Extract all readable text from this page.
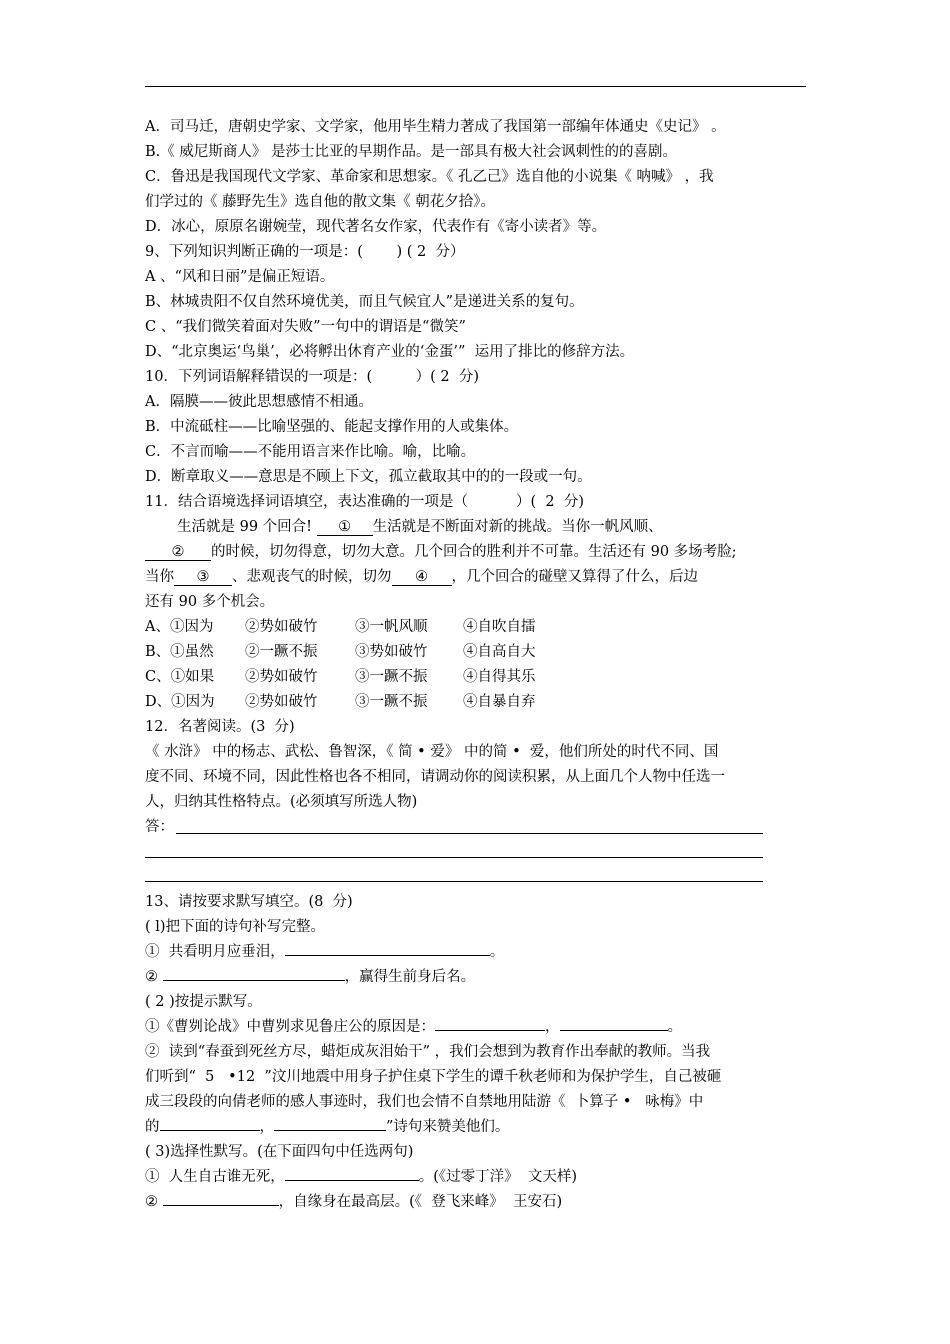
A．司马迁，唐朝史学家、文学家，他用毕生精力著成了我国第一部编年体通史《史记》 。
B.《 威尼斯商人》 是莎士比亚的早期作品。是一部具有极大社会讽刺性的的喜剧。
C．鲁迅是我国现代文学家、革命家和思想家。《 孔乙己》选自他的小说集《 呐喊》 ，我
们学过的《 藤野先生》选自他的散文集《 朝花夕拾》。
D．冰心，原原名谢婉莹，现代著名女作家，代表作有《寄小读者》等。
9、下列知识判断正确的一项是：(　　 ) ( 2  分）
A 、“风和日丽”是偏正短语。
B、林城贵阳不仅自然环境优美，而且气候宜人”是递进关系的复句。
C 、“我们微笑着面对失败”一句中的谓语是“微笑”
D、“北京奥运‘鸟巢’，必将孵出休育产业的‘金蛋’”  运用了排比的修辞方法。
10．下列词语解释错误的一项是：(　　　）( 2  分)
A．隔膜——彼此思想感情不相通。
B．中流砥柱——比喻坚强的、能起支撑作用的人或集体。
C．不言而喻——不能用语言来作比喻。喻，比喻。
D．断章取义——意思是不顾上下文，孤立截取其中的的一段或一句。
11．结合语境选择词语填空，表达准确的一项是（　　　 ）(  2  分)
生活就是 99 个回合! ① 生活就是不断面对新的挑战。当你一帆风顺、
② 的时候，切勿得意，切勿大意。几个回合的胜利并不可靠。生活还有 90 多场考脸;
当你 ③ 、悲观丧气的时候，切勿 ④ ，几个回合的碰壁又算得了什么，后边
还有 90 多个机会。
A、①因为 ②势如破竹	③一帆风顺 ④自吹自擂
B、①虽然 ②一蹶不振	③势如破竹 ④自高自大
C、①如果 ②势如破竹	③一蹶不振 ④自得其乐
D、①因为 ②势如破竹	③一蹶不振 ④自暴自弃
12．名著阅读。(3  分)
《 水浒》 中的杨志、武松、鲁智深，《 简 • 爱》 中的简 •  爱，他们所处的时代不同、国
度不同、环境不同，因此性格也各不相同，请调动你的阅读积累，从上面几个人物中任选一
人，归纳其性格特点。(必须填写所选人物)
答：
13、请按要求默写填空。(8  分)
( l)把下面的诗句补写完整。
①  共看明月应垂泪，	。
②	，赢得生前身后名。
( 2 )按提示默写。
①《曹刿论战》中曹刿求见鲁庄公的原因是：	，	。
②  读到“春蚕到死丝方尽，蜡炬成灰泪始干” ，我们会想到为教育作出奉献的教师。当我
们听到“  5   •12  ”汶川地震中用身子护住桌下学生的谭千秋老师和为保护学生，自己被砸
成三段段的向倩老师的感人事迹时，我们也会情不自禁地用陆游《  卜算子 •   咏梅》中
的	，	”诗句来赞美他们。
( 3)选择性默写。(在下面四句中任选两句)
①  人生自古谁无死，	。(《过零丁洋》  文天样)
②	，自缘身在最高层。(《  登飞来峰》  王安石)
